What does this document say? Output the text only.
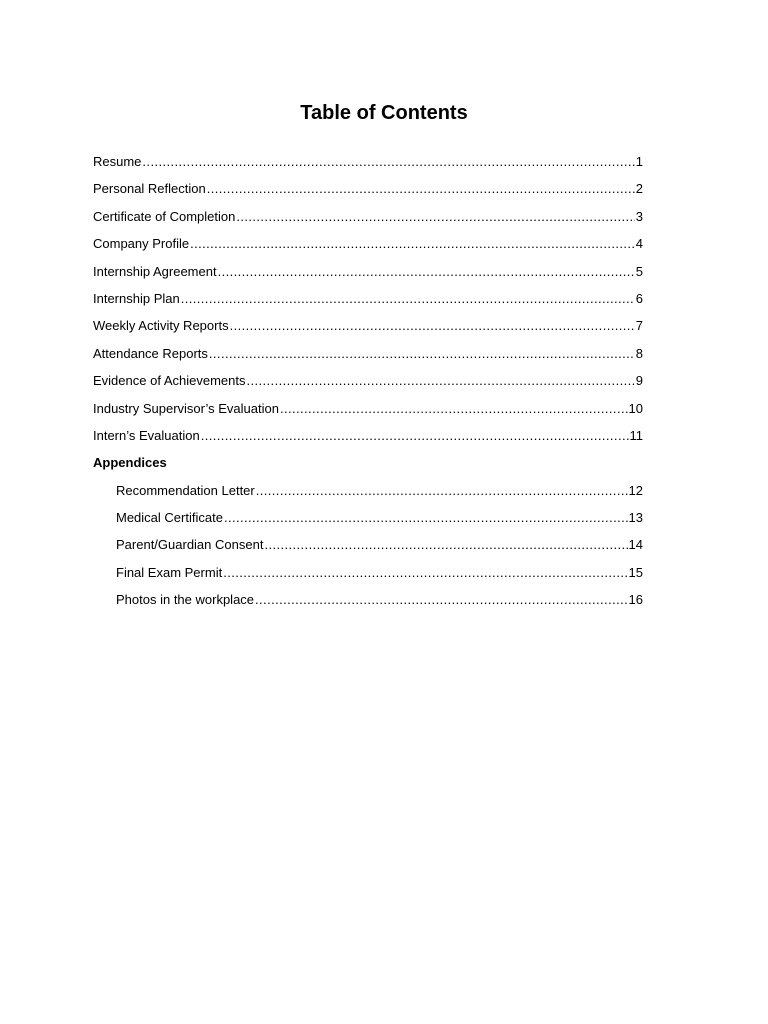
Table of Contents
Resume .....	1
Personal Reflection .....	2
Certificate of Completion .....	3
Company Profile .....	4
Internship Agreement .....	5
Internship Plan .....	6
Weekly Activity Reports .....	7
Attendance Reports .....	8
Evidence of Achievements .....	9
Industry Supervisor’s Evaluation .....	10
Intern’s Evaluation .....	11
Appendices
Recommendation Letter .....	12
Medical Certificate .....	13
Parent/Guardian Consent .....	14
Final Exam Permit .....	15
Photos in the workplace .....	16
